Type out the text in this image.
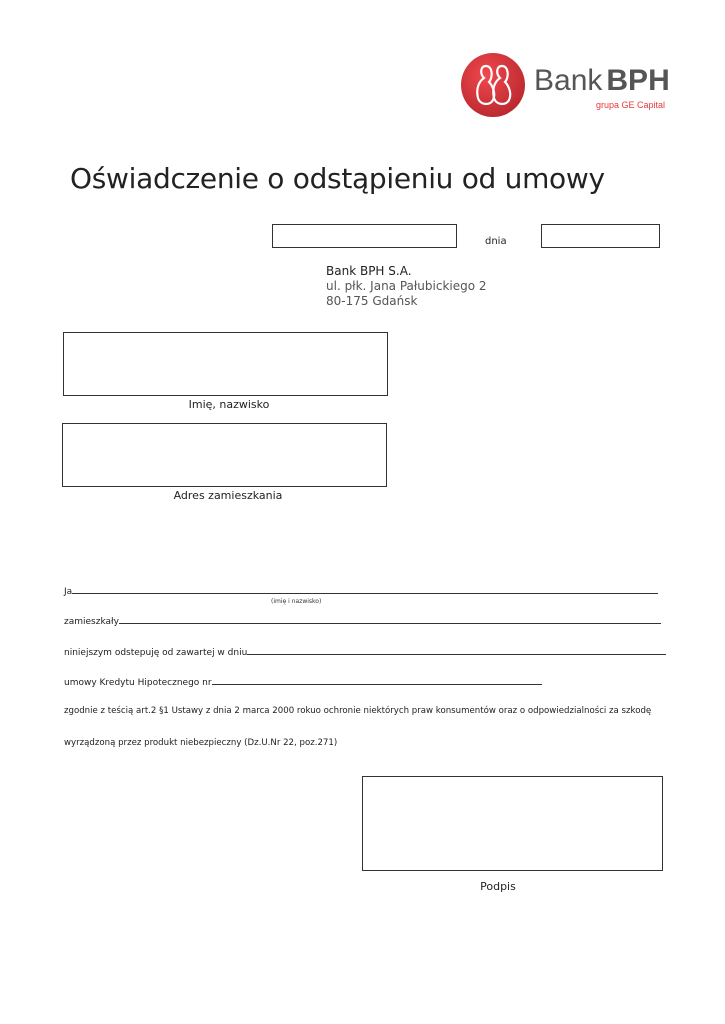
Bank BPH
grupa GE Capital
Oświadczenie o odstąpieniu od umowy
dnia
Bank BPH S.A.
ul. płk. Jana Pałubickiego 2
80-175 Gdańsk
Imię, nazwisko
Adres zamieszkania
Ja
(imię i nazwisko)
zamieszkały
niniejszym odstepuję od zawartej w dniu
umowy Kredytu Hipotecznego nr
zgodnie z teścią art.2 §1 Ustawy z dnia 2 marca 2000 rokuo ochronie niektórych praw konsumentów oraz o odpowiedzialności za szkodę
wyrządzoną przez produkt niebezpieczny (Dz.U.Nr 22, poz.271)
Podpis
